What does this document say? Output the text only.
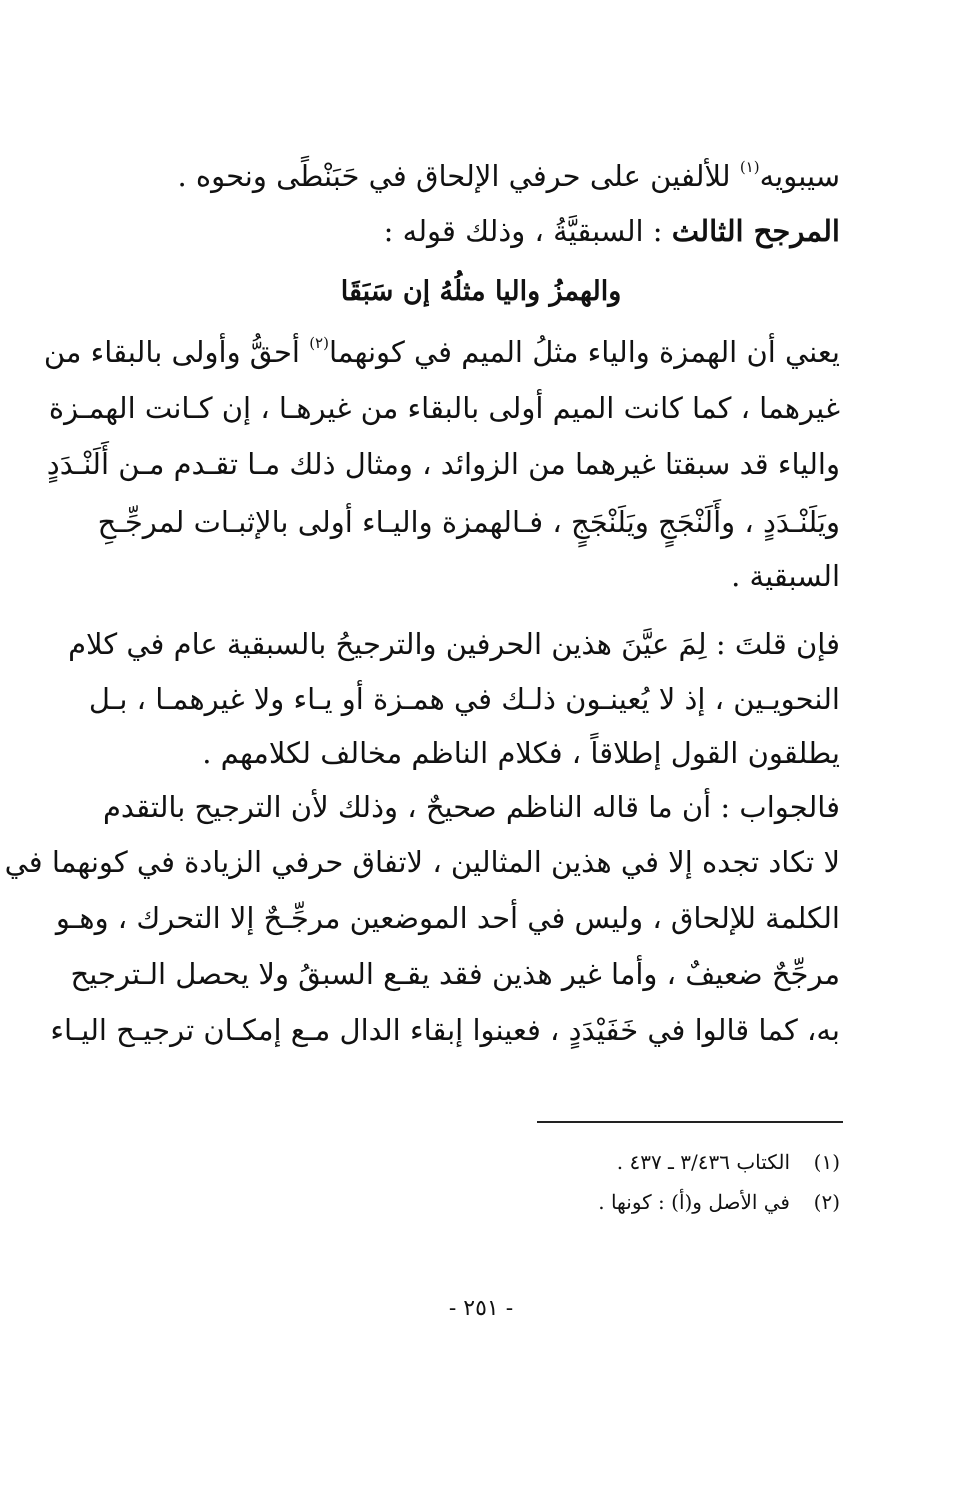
سيبويه$^{(١)}$ للألفين على حرفي الإلحاق في حَبَنْطًى ونحوه .
المرجح الثالث : السبقيَّةُ ، وذلك قوله :
والهمزُ واليا مثلُهُ إن سَبَقَا
يعني أن الهمزة والياء مثلُ الميم في كونهما$^{(٢)}$ أحقُّ وأولى بالبقاء من
غيرهما ، كما كانت الميم أولى بالبقاء من غيرهـا ، إن كـانت الهمـزة
والياء قد سبقتا غيرهما من الزوائد ، ومثال ذلك مـا تقـدم مـن أَلَنْـدَدٍ
ويَلَنْـدَدٍ ، وأَلَنْجَجٍ ويَلَنْجَجٍ ، فـالهمزة واليـاء أولى بالإثبـات لمرجِّـحِ
السبقية .
فإن قلتَ : لِمَ عيَّنَ هذين الحرفين والترجيحُ بالسبقية عام في كلام
النحويـين ، إذ لا يُعينـون ذلـك في همـزة أو يـاء ولا غيرهمـا ، بـل
يطلقون القول إطلاقاً ، فكلام الناظم مخالف لكلامهم .
فالجواب : أن ما قاله الناظم صحيحٌ ، وذلك لأن الترجيح بالتقدم
لا تكاد تجده إلا في هذين المثالين ، لاتفاق حرفي الزيادة في كونهما في
الكلمة للإلحاق ، وليس في أحد الموضعين مرجِّـحٌ إلا التحرك ، وهـو
مرجِّحٌ ضعيفٌ ، وأما غير هذين فقد يقـع السبقُ ولا يحصل الـترجيح
به، كما قالوا في خَفَيْدَدٍ ، فعينوا إبقاء الدال مـع إمكـان ترجيـح اليـاء
(١)الكتاب ٣/٤٣٦ ـ ٤٣٧ .
(٢)في الأصل و(أ) : كونها .
- ٢٥١ -
